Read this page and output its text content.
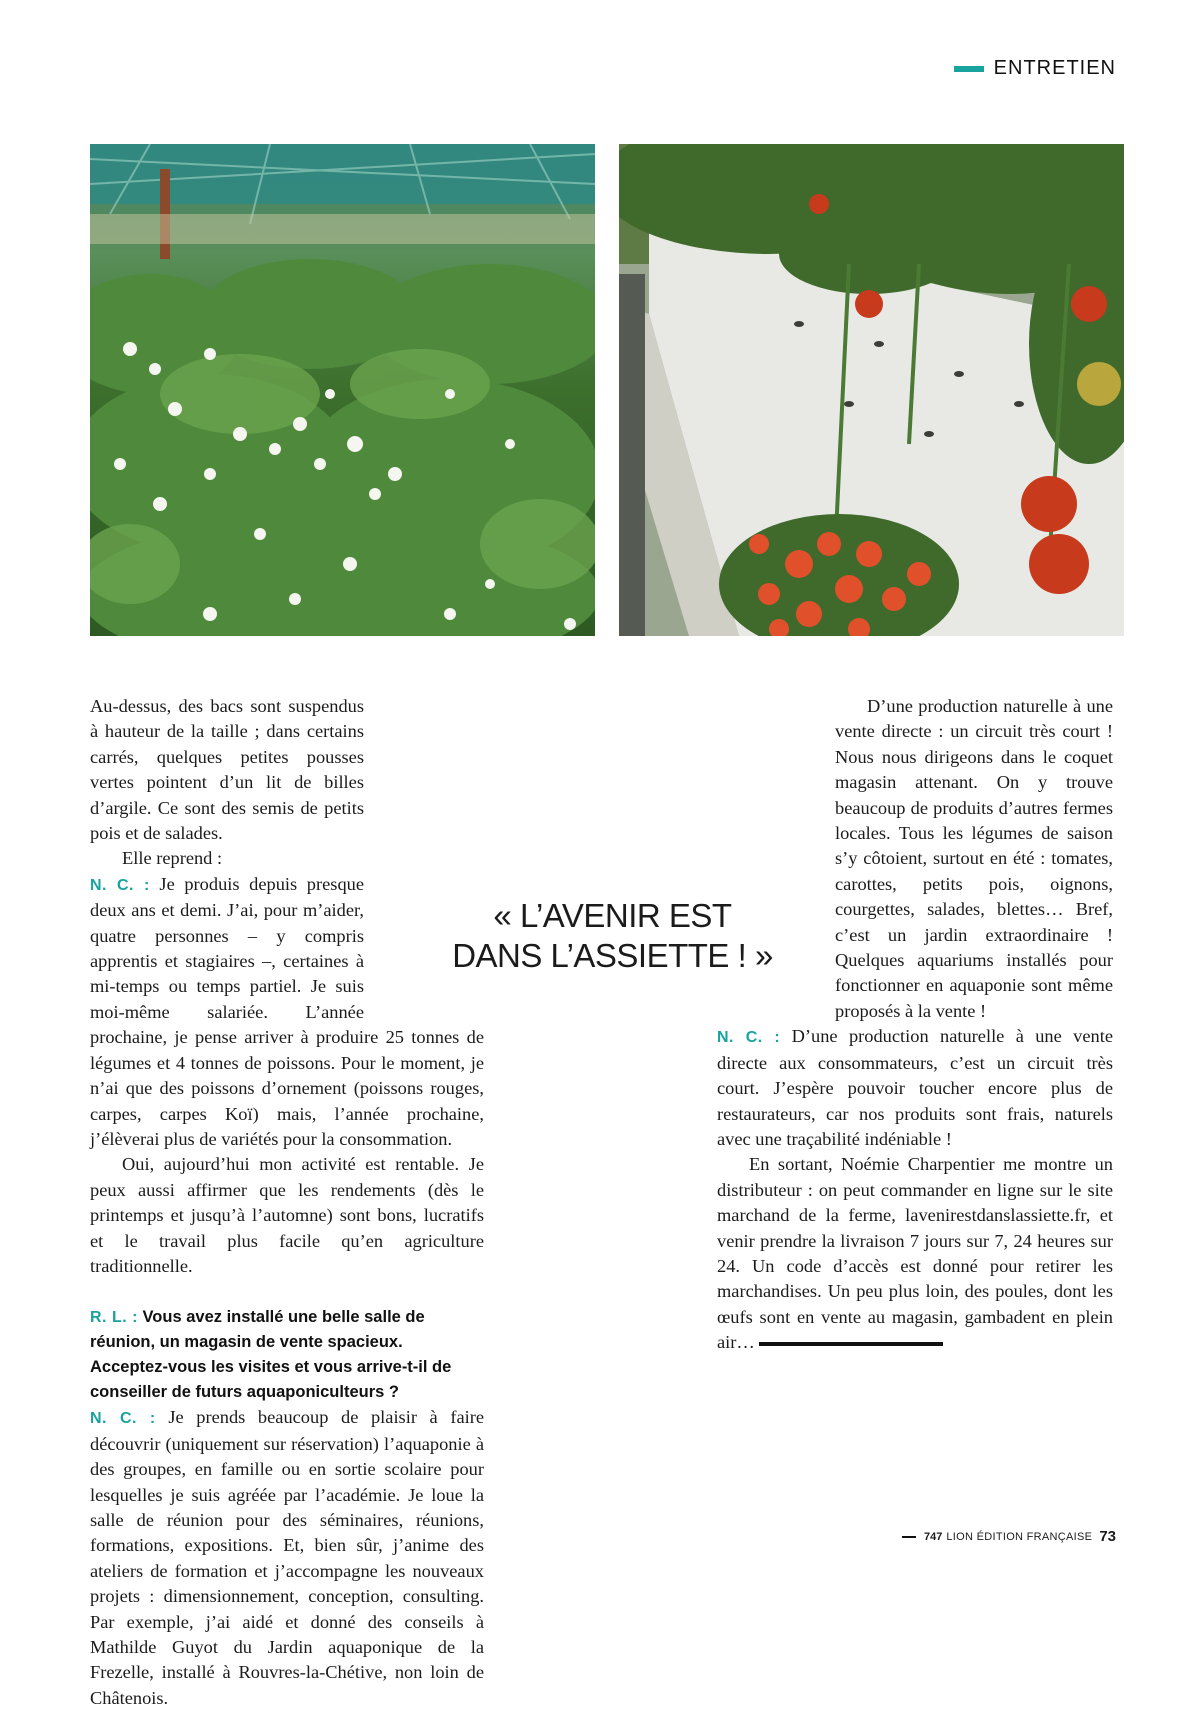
ENTRETIEN

Au-dessus, des bacs sont suspendus à hauteur de la taille ; dans certains carrés, quelques petites pousses vertes pointent d’un lit de billes d’argile. Ce sont des semis de petits pois et de salades.

Elle reprend :

N. C. : Je produis depuis presque deux ans et demi. J’ai, pour m’aider, quatre personnes – y compris apprentis et stagiaires –, certaines à mi-temps ou temps partiel. Je suis moi-même salariée. L’année prochaine, je pense arriver à produire 25 tonnes de légumes et 4 tonnes de poissons. Pour le moment, je n’ai que des poissons d’ornement (poissons rouges, carpes, carpes Koï) mais, l’année prochaine, j’élèverai plus de variétés pour la consommation.

Oui, aujourd’hui mon activité est rentable. Je peux aussi affirmer que les rendements (dès le printemps et jusqu’à l’automne) sont bons, lucratifs et le travail plus facile qu’en agriculture traditionnelle.

R. L. : Vous avez installé une belle salle de réunion, un magasin de vente spacieux. Acceptez-vous les visites et vous arrive-t-il de conseiller de futurs aquaponiculteurs ?

N. C. : Je prends beaucoup de plaisir à faire découvrir (uniquement sur réservation) l’aquaponie à des groupes, en famille ou en sortie scolaire pour lesquelles je suis agréée par l’académie. Je loue la salle de réunion pour des séminaires, réunions, formations, expositions. Et, bien sûr, j’anime des ateliers de formation et j’accompagne les nouveaux projets : dimensionnement, conception, consulting. Par exemple, j’ai aidé et donné des conseils à Mathilde Guyot du Jardin aquaponique de la Frezelle, installé à Rouvres-la-Chétive, non loin de Châtenois.

« L’AVENIR EST
DANS L’ASSIETTE ! »

D’une production naturelle à une vente directe : un circuit très court ! Nous nous dirigeons dans le coquet magasin attenant. On y trouve beaucoup de produits d’autres fermes locales. Tous les légumes de saison s’y côtoient, surtout en été : tomates, carottes, petits pois, oignons, courgettes, salades, blettes… Bref, c’est un jardin extraordinaire ! Quelques aquariums installés pour fonctionner en aquaponie sont même proposés à la vente !

N. C. : D’une production naturelle à une vente directe aux consommateurs, c’est un circuit très court. J’espère pouvoir toucher encore plus de restaurateurs, car nos produits sont frais, naturels avec une traçabilité indéniable !

En sortant, Noémie Charpentier me montre un distributeur : on peut commander en ligne sur le site marchand de la ferme, lavenirestdanslassiette.fr, et venir prendre la livraison 7 jours sur 7, 24 heures sur 24. Un code d’accès est donné pour retirer les marchandises. Un peu plus loin, des poules, dont les œufs sont en vente au magasin, gambadent en plein air…

747 LION ÉDITION FRANÇAISE 73
